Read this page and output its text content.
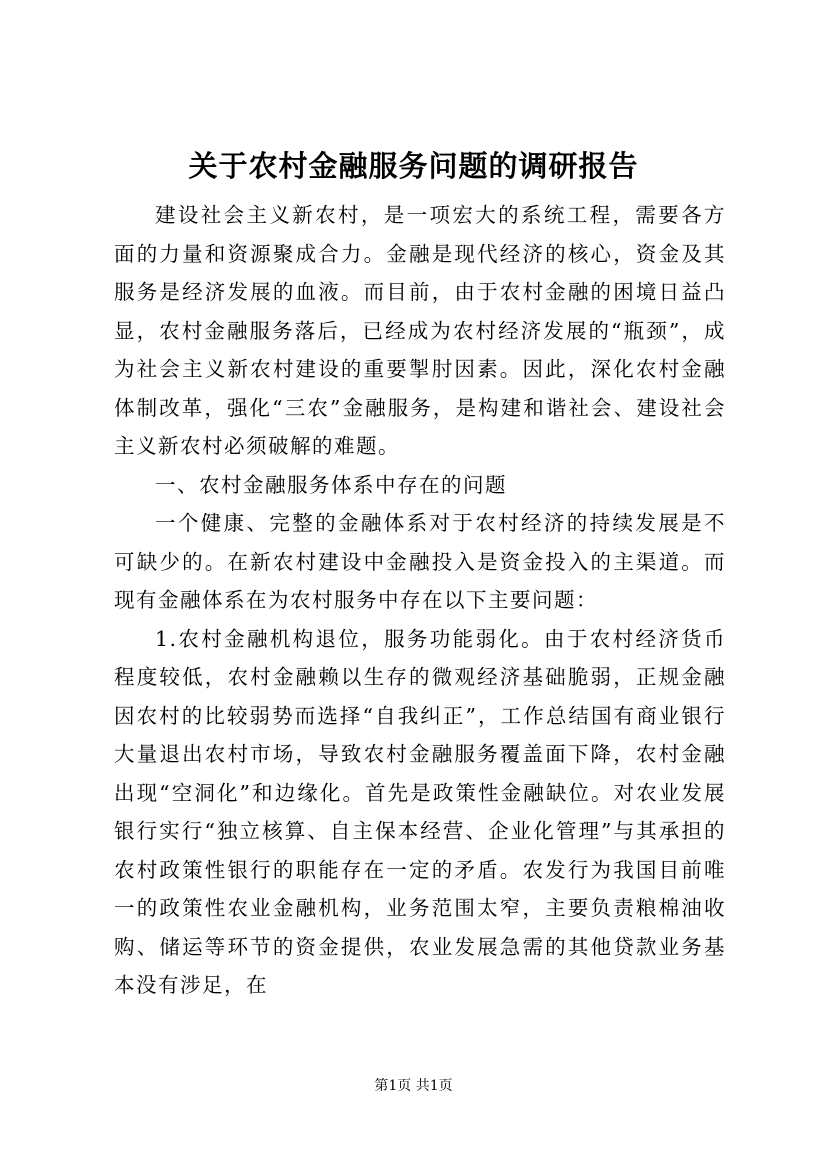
关于农村金融服务问题的调研报告

建设社会主义新农村，是一项宏大的系统工程，需要各方面的力量和资源聚成合力。金融是现代经济的核心，资金及其服务是经济发展的血液。而目前，由于农村金融的困境日益凸显，农村金融服务落后，已经成为农村经济发展的“瓶颈”，成为社会主义新农村建设的重要掣肘因素。因此，深化农村金融体制改革，强化“三农”金融服务，是构建和谐社会、建设社会主义新农村必须破解的难题。

一、农村金融服务体系中存在的问题

一个健康、完整的金融体系对于农村经济的持续发展是不可缺少的。在新农村建设中金融投入是资金投入的主渠道。而现有金融体系在为农村服务中存在以下主要问题：

1.农村金融机构退位，服务功能弱化。由于农村经济货币程度较低，农村金融赖以生存的微观经济基础脆弱，正规金融因农村的比较弱势而选择“自我纠正”，工作总结国有商业银行大量退出农村市场，导致农村金融服务覆盖面下降，农村金融出现“空洞化”和边缘化。首先是政策性金融缺位。对农业发展银行实行“独立核算、自主保本经营、企业化管理”与其承担的农村政策性银行的职能存在一定的矛盾。农发行为我国目前唯一的政策性农业金融机构，业务范围太窄，主要负责粮棉油收购、储运等环节的资金提供，农业发展急需的其他贷款业务基本没有涉足，在

第1页 共1页
